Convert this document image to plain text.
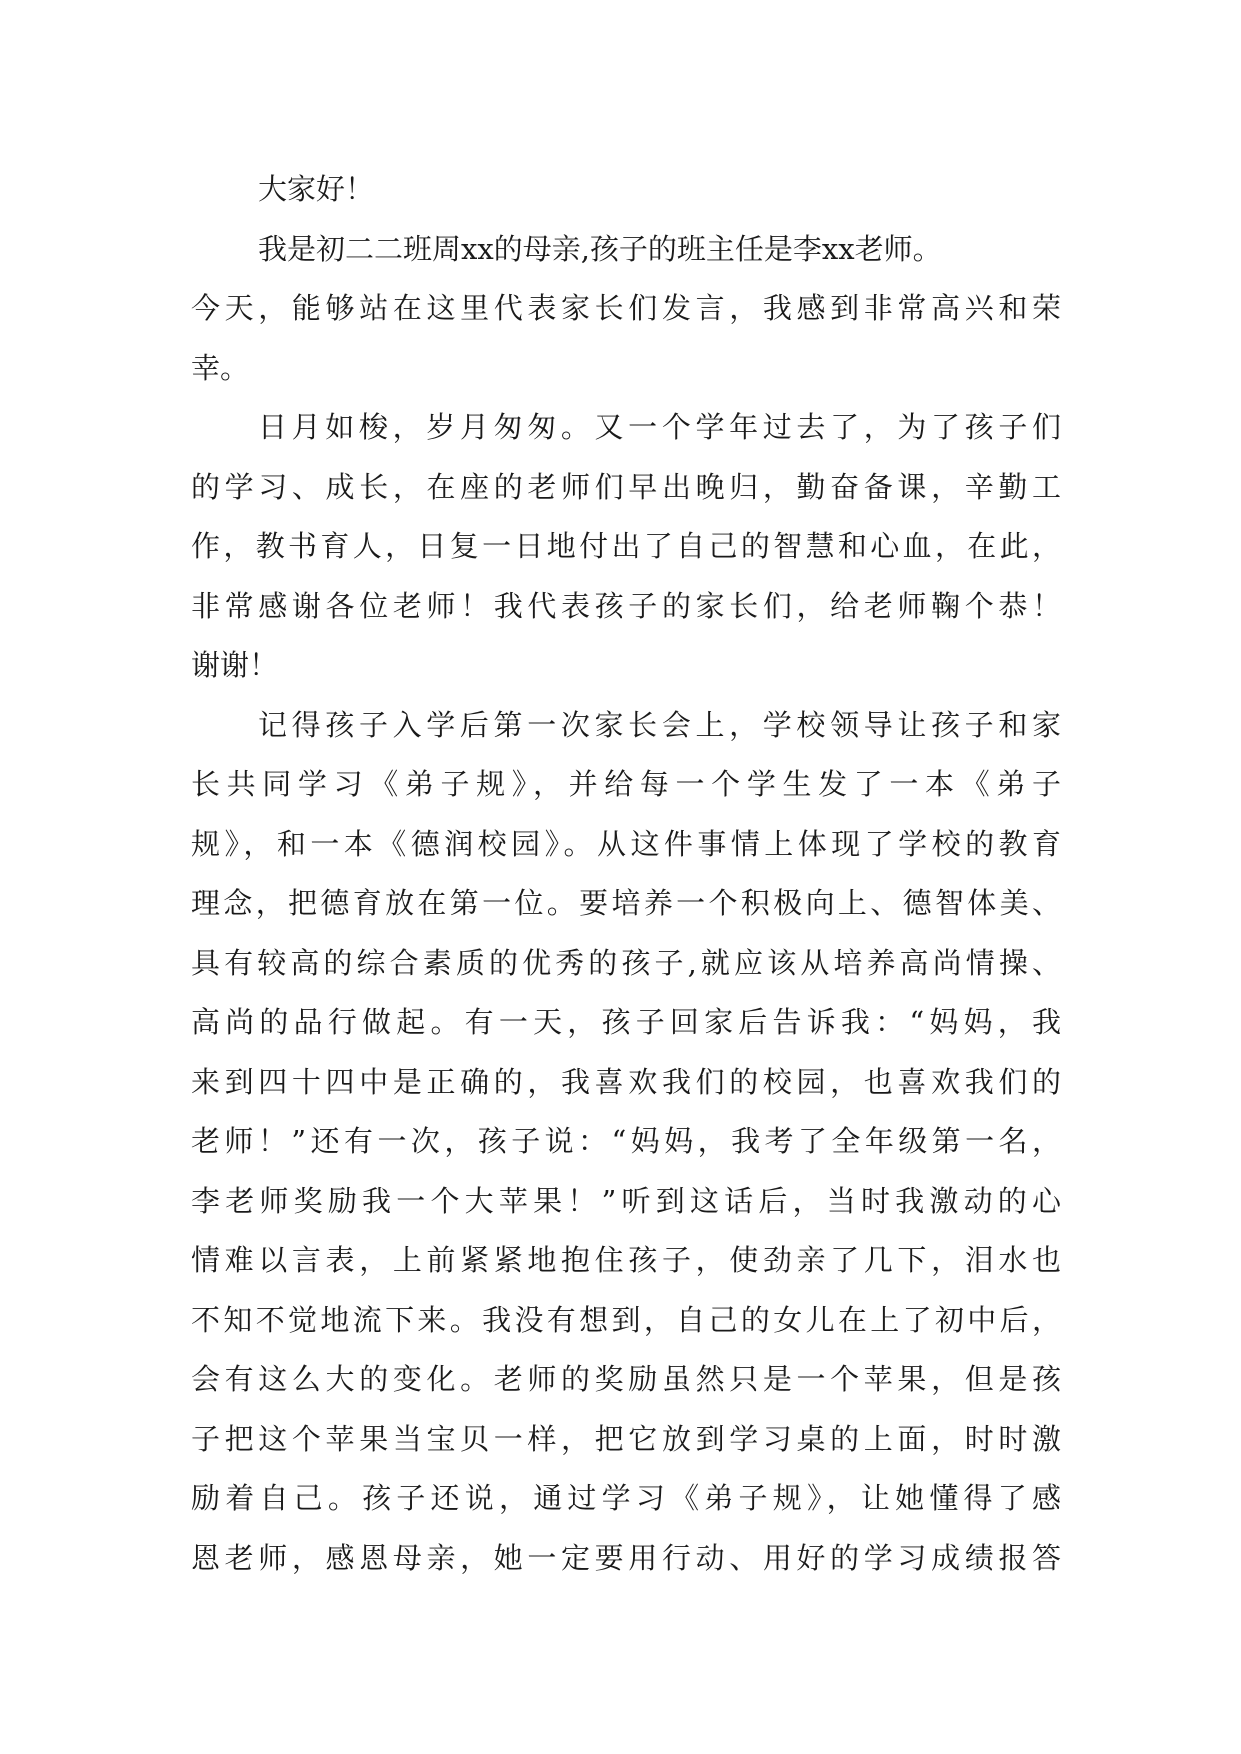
大家好！
我是初二二班周xx的母亲,孩子的班主任是李xx老师。
今天，能够站在这里代表家长们发言，我感到非常高兴和荣
幸。
日月如梭，岁月匆匆。又一个学年过去了，为了孩子们
的学习、成长，在座的老师们早出晚归，勤奋备课，辛勤工
作，教书育人，日复一日地付出了自己的智慧和心血，在此，
非常感谢各位老师！我代表孩子的家长们，给老师鞠个恭！
谢谢！
记得孩子入学后第一次家长会上，学校领导让孩子和家
长共同学习《弟子规》，并给每一个学生发了一本《弟子
规》，和一本《德润校园》。从这件事情上体现了学校的教育
理念，把德育放在第一位。要培养一个积极向上、德智体美、
具有较高的综合素质的优秀的孩子,就应该从培养高尚情操、
高尚的品行做起。有一天，孩子回家后告诉我：“妈妈，我
来到四十四中是正确的，我喜欢我们的校园，也喜欢我们的
老师！”还有一次，孩子说：“妈妈，我考了全年级第一名，
李老师奖励我一个大苹果！”听到这话后，当时我激动的心
情难以言表，上前紧紧地抱住孩子，使劲亲了几下，泪水也
不知不觉地流下来。我没有想到，自己的女儿在上了初中后，
会有这么大的变化。老师的奖励虽然只是一个苹果，但是孩
子把这个苹果当宝贝一样，把它放到学习桌的上面，时时激
励着自己。孩子还说，通过学习《弟子规》，让她懂得了感
恩老师，感恩母亲，她一定要用行动、用好的学习成绩报答
